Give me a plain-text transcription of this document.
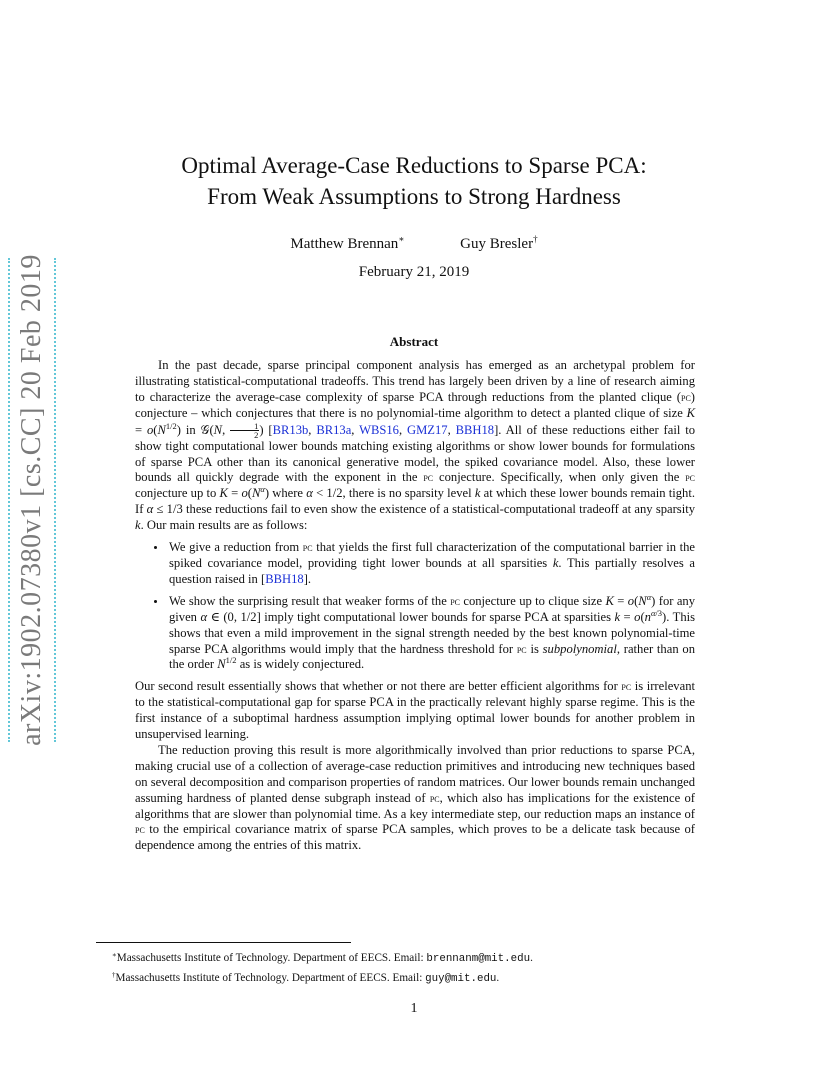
arXiv:1902.07380v1 [cs.CC] 20 Feb 2019
Optimal Average-Case Reductions to Sparse PCA:
From Weak Assumptions to Strong Hardness
Matthew Brennan∗	Guy Bresler†
February 21, 2019
Abstract

In the past decade, sparse principal component analysis has emerged as an archetypal problem for illustrating statistical-computational tradeoffs. This trend has largely been driven by a line of research aiming to characterize the average-case complexity of sparse PCA through reductions from the planted clique (pc) conjecture – which conjectures that there is no polynomial-time algorithm to detect a planted clique of size $K = o(N^{1/2})$ in 𝒢(N, $\frac{1}{2}$ ) [BR13b, BR13a, WBS16, GMZ17, BBH18]. All of these reductions either fail to show tight computational lower bounds matching existing algorithms or show lower bounds for formulations of sparse PCA other than its canonical generative model, the spiked covariance model. Also, these lower bounds all quickly degrade with the exponent in the pc conjecture. Specifically, when only given the pc conjecture up to $K = o(N^\alpha)$ where α < 1/2, there is no sparsity level k at which these lower bounds remain tight. If α ≤ 1/3 these reductions fail to even show the existence of a statistical-computational tradeoff at any sparsity k. Our main results are as follows:

• We give a reduction from pc that yields the first full characterization of the computational barrier in the spiked covariance model, providing tight lower bounds at all sparsities k. This partially resolves a question raised in [BBH18].
• We show the surprising result that weaker forms of the pc conjecture up to clique size $K = o(N^\alpha)$ for any given α ∈ (0, 1/2] imply tight computational lower bounds for sparse PCA at sparsities $k = o(n^{\alpha/3})$. This shows that even a mild improvement in the signal strength needed by the best known polynomial-time sparse PCA algorithms would imply that the hardness threshold for pc is subpolynomial, rather than on the order $N^{1/2}$ as is widely conjectured.

Our second result essentially shows that whether or not there are better efficient algorithms for pc is irrelevant to the statistical-computational gap for sparse PCA in the practically relevant highly sparse regime. This is the first instance of a suboptimal hardness assumption implying optimal lower bounds for another problem in unsupervised learning.

The reduction proving this result is more algorithmically involved than prior reductions to sparse PCA, making crucial use of a collection of average-case reduction primitives and introducing new techniques based on several decomposition and comparison properties of random matrices. Our lower bounds remain unchanged assuming hardness of planted dense subgraph instead of pc, which also has implications for the existence of algorithms that are slower than polynomial time. As a key intermediate step, our reduction maps an instance of pc to the empirical covariance matrix of sparse PCA samples, which proves to be a delicate task because of dependence among the entries of this matrix.

∗Massachusetts Institute of Technology. Department of EECS. Email: brennanm@mit.edu.

†Massachusetts Institute of Technology. Department of EECS. Email: guy@mit.edu.

1
